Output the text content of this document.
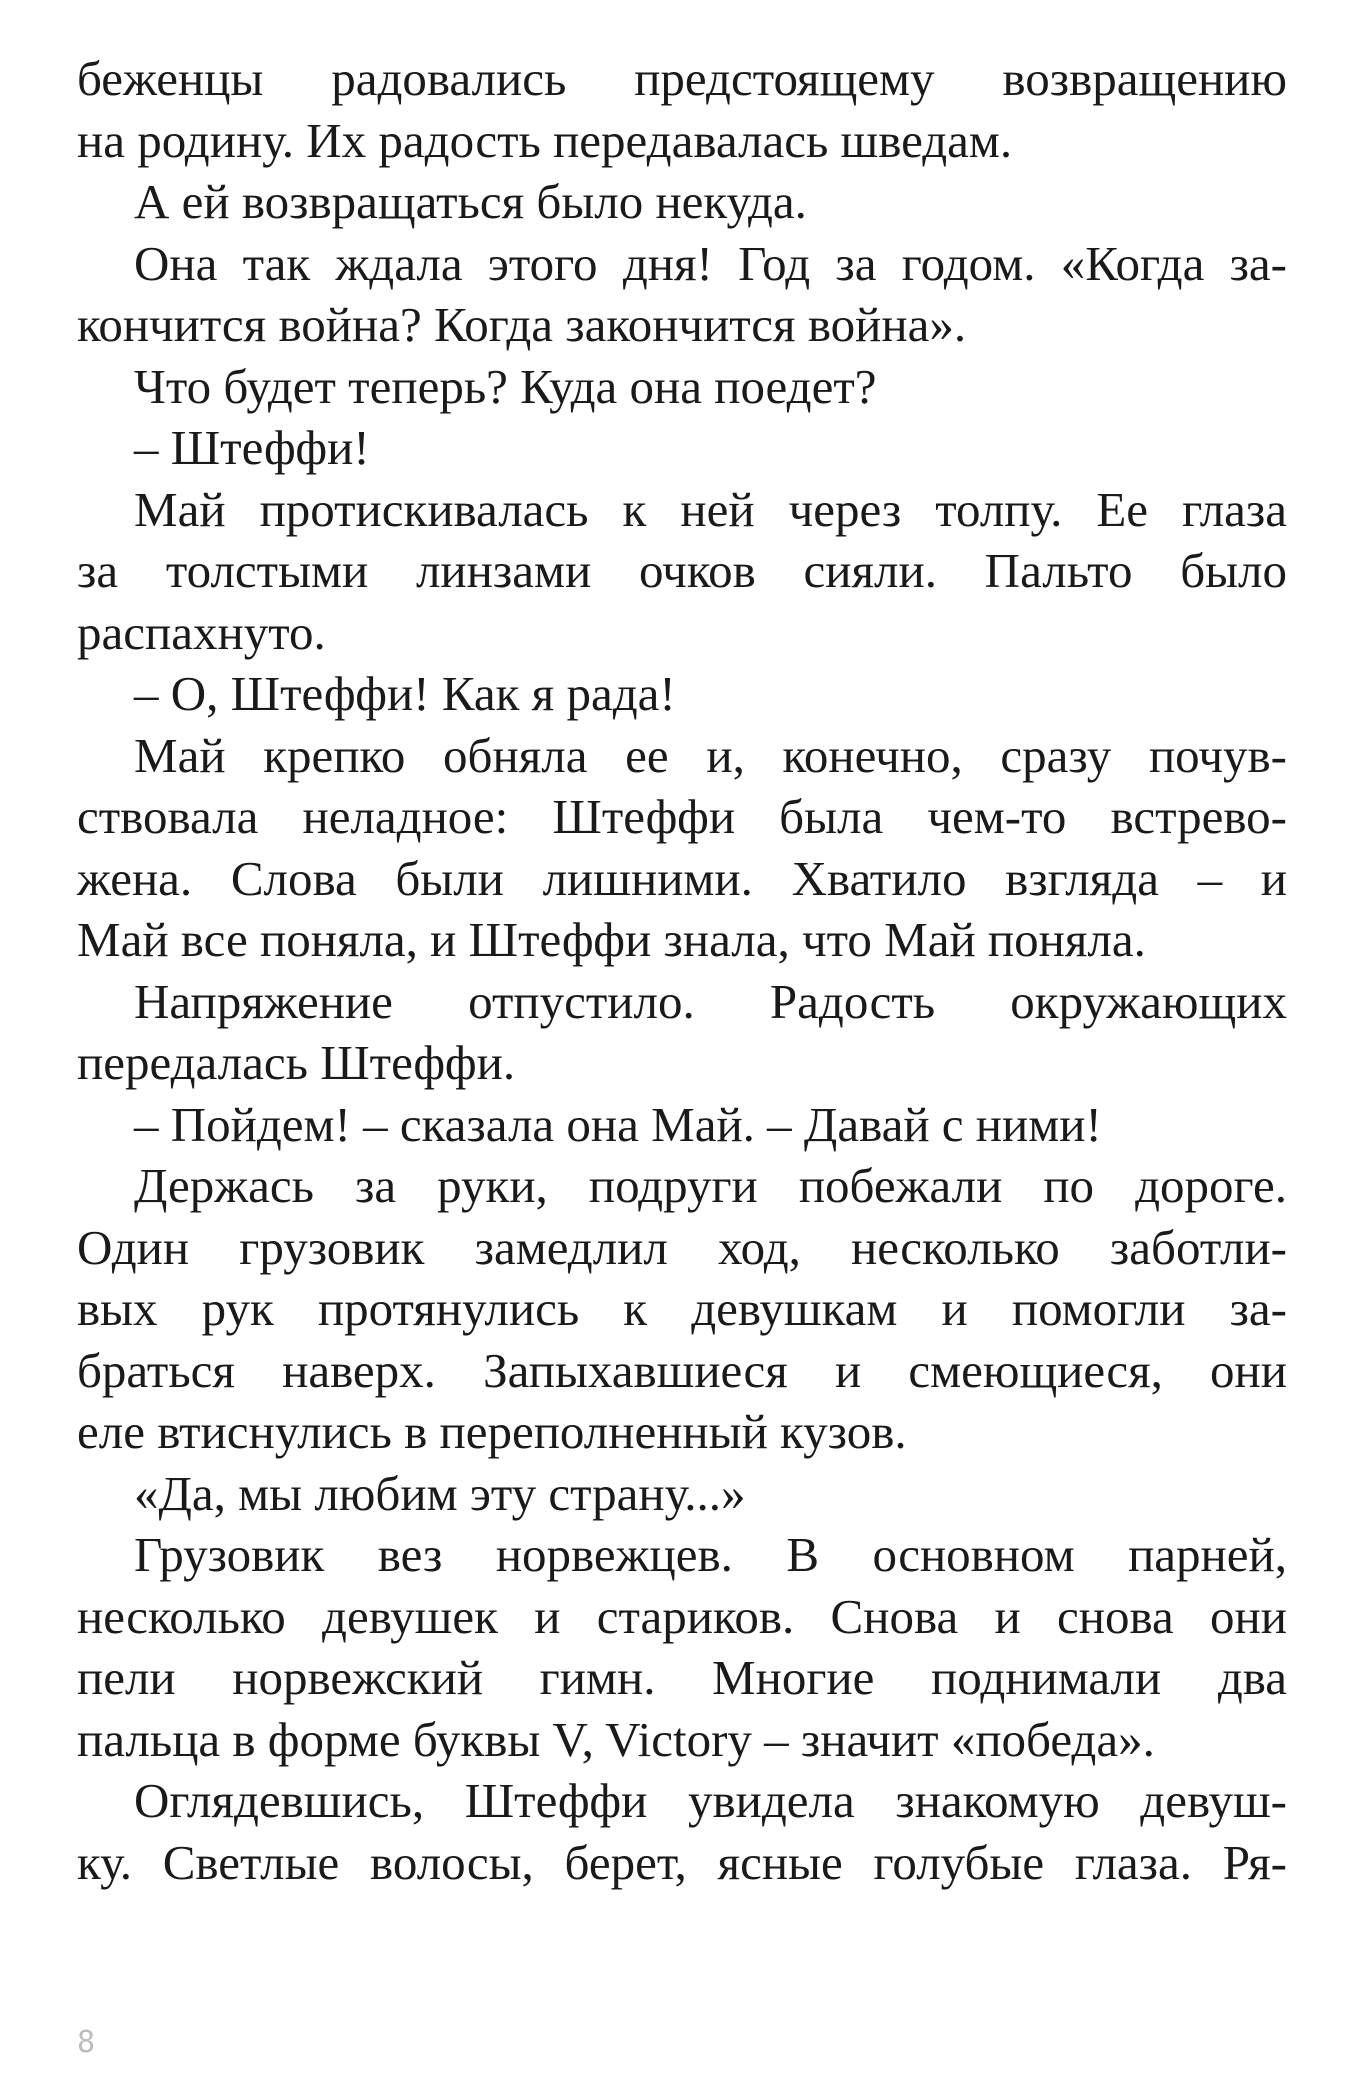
беженцы радовались предстоящему возвращению
на родину. Их радость передавалась шведам.
А ей возвращаться было некуда.
Она так ждала этого дня! Год за годом. «Когда за-
кончится война? Когда закончится война».
Что будет теперь? Куда она поедет?
– Штеффи!
Май протискивалась к ней через толпу. Ее глаза
за толстыми линзами очков сияли. Пальто было
распахнуто.
– О, Штеффи! Как я рада!
Май крепко обняла ее и, конечно, сразу почув-
ствовала неладное: Штеффи была чем-то встрево-
жена. Слова были лишними. Хватило взгляда – и
Май все поняла, и Штеффи знала, что Май поняла.
Напряжение отпустило. Радость окружающих
передалась Штеффи.
– Пойдем! – сказала она Май. – Давай с ними!
Держась за руки, подруги побежали по дороге.
Один грузовик замедлил ход, несколько заботли-
вых рук протянулись к девушкам и помогли за-
браться наверх. Запыхавшиеся и смеющиеся, они
еле втиснулись в переполненный кузов.
«Да, мы любим эту страну...»
Грузовик вез норвежцев. В основном парней,
несколько девушек и стариков. Снова и снова они
пели норвежский гимн. Многие поднимали два
пальца в форме буквы V, Victory – значит «победа».
Оглядевшись, Штеффи увидела знакомую девуш-
ку. Светлые волосы, берет, ясные голубые глаза. Ря-
8
